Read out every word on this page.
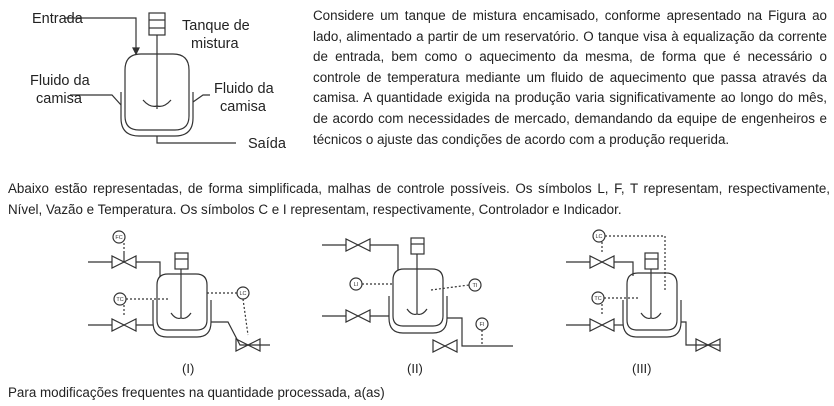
FC
TC
LC
LI	TI
FI
LC
TC
Entrada	Tanque de
mistura
Fluido da
camisa
Fluido da
camisa
Saída
Considere um tanque de mistura encamisado, conforme apresentado na Figura ao lado, alimentado a partir de um reservatório. O tanque visa à equalização da corrente de entrada, bem como o aquecimento da mesma, de forma que é necessário o controle de temperatura mediante um fluido de aquecimento que passa através da camisa. A quantidade exigida na produção varia significativamente ao longo do mês, de acordo com necessidades de mercado, demandando da equipe de engenheiros e técnicos o ajuste das condições de acordo com a produção requerida.
Abaixo estão representadas, de forma simplificada, malhas de controle possíveis. Os símbolos L, F, T representam, respectivamente, Nível, Vazão e Temperatura. Os símbolos C e I representam, respectivamente, Controlador e Indicador.
(I)	(II)	(III)
Para modificações frequentes na quantidade processada, a(as)
